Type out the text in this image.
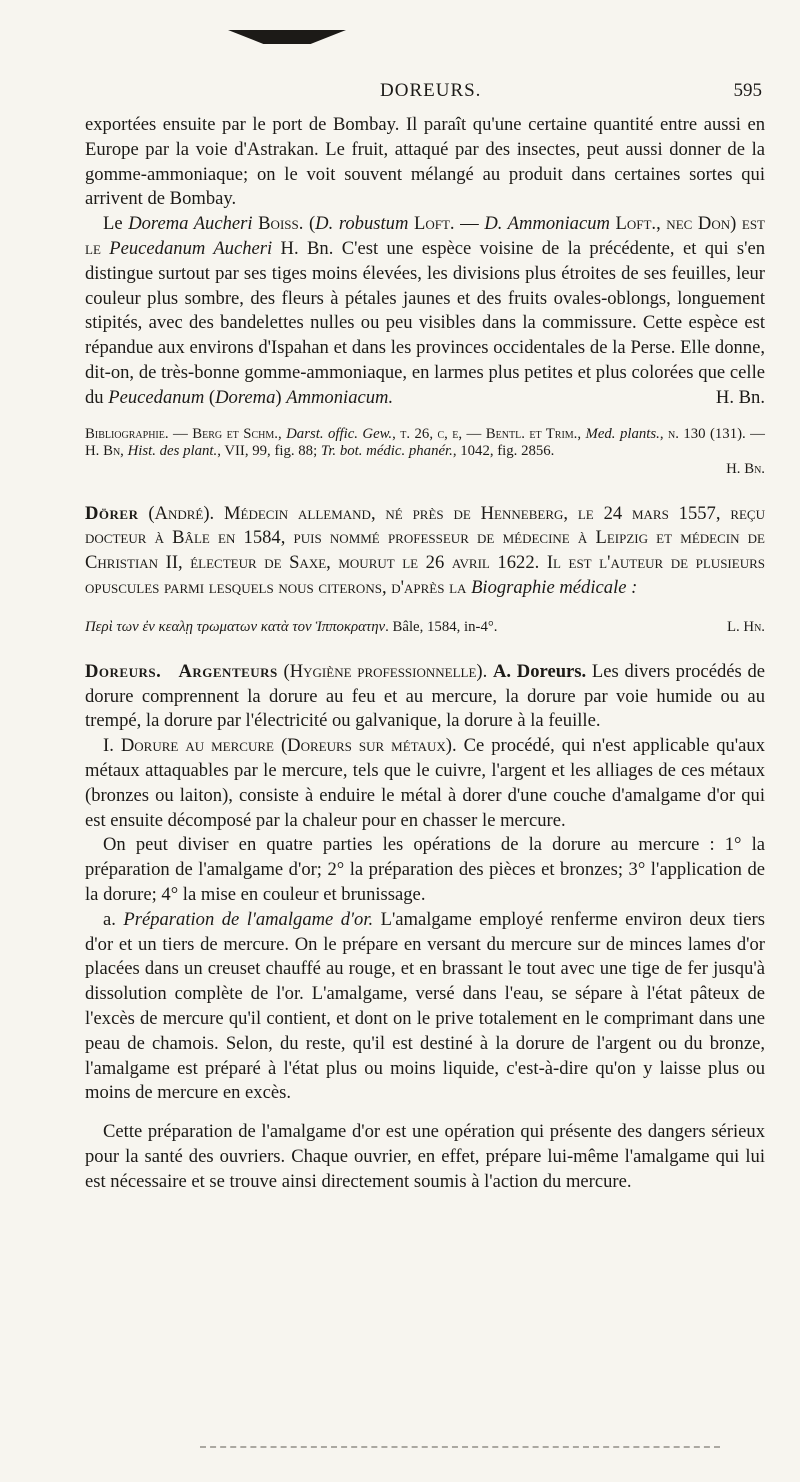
DOREURS.	595

exportées ensuite par le port de Bombay. Il paraît qu'une certaine quantité entre aussi en Europe par la voie d'Astrakan. Le fruit, attaqué par des insectes, peut aussi donner de la gomme-ammoniaque; on le voit souvent mélangé au produit dans certaines sortes qui arrivent de Bombay.

Le Dorema Aucheri Boiss. (D. robustum Loft. — D. Ammoniacum Loft., nec Don) est le Peucedanum Aucheri H. Bn. C'est une espèce voisine de la précédente, et qui s'en distingue surtout par ses tiges moins élevées, les divisions plus étroites de ses feuilles, leur couleur plus sombre, des fleurs à pétales jaunes et des fruits ovales-oblongs, longuement stipités, avec des bandelettes nulles ou peu visibles dans la commissure. Cette espèce est répandue aux environs d'Ispahan et dans les provinces occidentales de la Perse. Elle donne, dit-on, de très-bonne gomme-ammoniaque, en larmes plus petites et plus colorées que celle du Peucedanum (Dorema) Ammoniacum.	H. Bn.

Bibliographie. — Berg et Schm., Darst. offic. Gew., t. 26, c, e, — Bentl. et Trim., Med. plants., n. 130 (131). — H. Bn, Hist. des plant., VII, 99, fig. 88; Tr. bot. médic. phanér., 1042, fig. 2856.

H. Bn.

Dörer (André). Médecin allemand, né près de Henneberg, le 24 mars 1557, reçu docteur à Bâle en 1584, puis nommé professeur de médecine à Leipzig et médecin de Christian II, électeur de Saxe, mourut le 26 avril 1622. Il est l'auteur de plusieurs opuscules parmi lesquels nous citerons, d'après la Biographie médicale :

Περὶ των ἐν κεαλῃ τρωματων κατὰ τον Ἱπποκρατην. Bâle, 1584, in-4°.	L. Hn.

Doreurs. Argenteurs (Hygiène professionnelle). A. Doreurs. Les divers procédés de dorure comprennent la dorure au feu et au mercure, la dorure par voie humide ou au trempé, la dorure par l'électricité ou galvanique, la dorure à la feuille.

I. Dorure au mercure (Doreurs sur métaux). Ce procédé, qui n'est applicable qu'aux métaux attaquables par le mercure, tels que le cuivre, l'argent et les alliages de ces métaux (bronzes ou laiton), consiste à enduire le métal à dorer d'une couche d'amalgame d'or qui est ensuite décomposé par la chaleur pour en chasser le mercure.

On peut diviser en quatre parties les opérations de la dorure au mercure : 1° la préparation de l'amalgame d'or; 2° la préparation des pièces et bronzes; 3° l'application de la dorure; 4° la mise en couleur et brunissage.

a. Préparation de l'amalgame d'or. L'amalgame employé renferme environ deux tiers d'or et un tiers de mercure. On le prépare en versant du mercure sur de minces lames d'or placées dans un creuset chauffé au rouge, et en brassant le tout avec une tige de fer jusqu'à dissolution complète de l'or. L'amalgame, versé dans l'eau, se sépare à l'état pâteux de l'excès de mercure qu'il contient, et dont on le prive totalement en le comprimant dans une peau de chamois. Selon, du reste, qu'il est destiné à la dorure de l'argent ou du bronze, l'amalgame est préparé à l'état plus ou moins liquide, c'est-à-dire qu'on y laisse plus ou moins de mercure en excès.

Cette préparation de l'amalgame d'or est une opération qui présente des dangers sérieux pour la santé des ouvriers. Chaque ouvrier, en effet, prépare lui-même l'amalgame qui lui est nécessaire et se trouve ainsi directement soumis à l'action du mercure.
